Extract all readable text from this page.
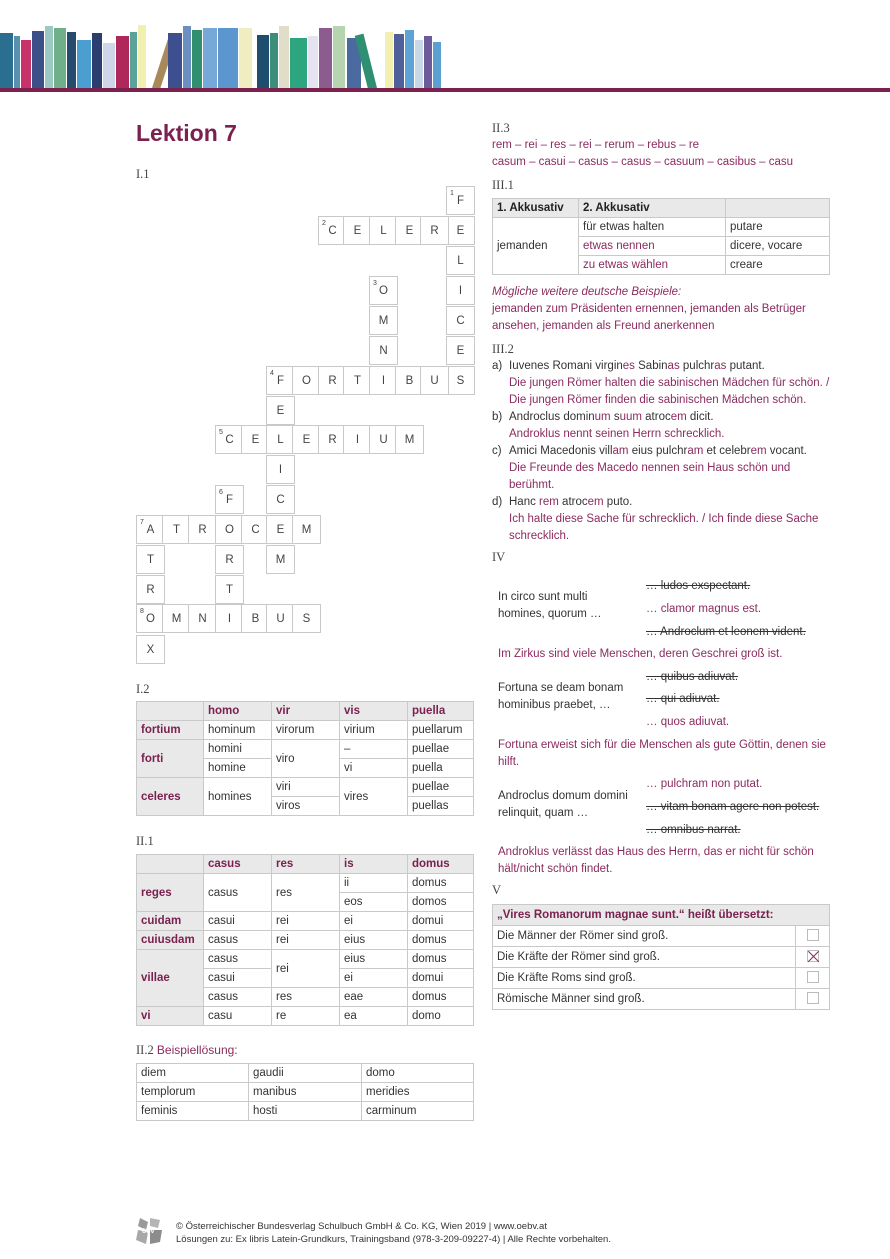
Lektion 7
I.1
1
F
E
L
I
C
E
S
2
C E L E R
3
O
M
N
4
F O R T I B U
E
5
C E L E R I U M
I
C
M
6
F
R
T
7
A T R O C E M
T
R
X
8
O M N I B U S
I.2
	homo	vir	vis	puella
fortium	hominum	virorum	virium	puellarum
forti	homini	viro	–	puellae
	homine		vi	puella
celeres	homines	viri	vires	puellae
		viros		puellas
II.1
	casus	res	is	domus
reges	casus	res	ii	domus
			eos	domos
cuidam	casui	rei	ei	domui
cuiusdam	casus	rei	eius	domus
villae	casus	rei	eius	domus
	casui		ei	domui
	casus	res	eae	domus
vi	casu	re	ea	domo
II.2 Beispiellösung:
diem	gaudii	domo
templorum	manibus	meridies
feminis	hosti	carminum
II.3
rem – rei – res – rei – rerum – rebus – re
casum – casui – casus – casus – casuum – casibus – casu
III.1
1. Akkusativ	2. Akkusativ	
jemanden	für etwas halten	putare
	etwas nennen	dicere, vocare
	zu etwas wählen	creare
Mögliche weitere deutsche Beispiele:
jemanden zum Präsidenten ernennen, jemanden als Betrüger
ansehen, jemanden als Freund anerkennen
III.2
a) Iuvenes Romani virgines Sabinas pulchras putant.
Die jungen Römer halten die sabinischen Mädchen für schön. /
Die jungen Römer finden die sabinischen Mädchen schön.
b) Androclus dominum suum atrocem dicit.
Androklus nennt seinen Herrn schrecklich.
c) Amici Macedonis villam eius pulchram et celebrem vocant.
Die Freunde des Macedo nennen sein Haus schön und
berühmt.
d) Hanc rem atrocem puto.
Ich halte diese Sache für schrecklich. / Ich finde diese Sache
schrecklich.
IV
In circo sunt multi
homines, quorum …
… ludos exspectant.
… clamor magnus est.
… Androclum et leonem vident.
Im Zirkus sind viele Menschen, deren Geschrei groß ist.
Fortuna se deam bonam
hominibus praebet, …
… quibus adiuvat.
… qui adiuvat.
… quos adiuvat.
Fortuna erweist sich für die Menschen als gute Göttin, denen sie
hilft.
Androclus domum domini
relinquit, quam …
… pulchram non putat.
… vitam bonam agere non potest.
… omnibus narrat.
Androklus verlässt das Haus des Herrn, das er nicht für schön
hält/nicht schön findet.
V
„Vires Romanorum magnae sunt.“ heißt übersetzt:	
Die Männer der Römer sind groß.	
Die Kräfte der Römer sind groß.	
Die Kräfte Roms sind groß.	
Römische Männer sind groß.	
öbv © Österreichischer Bundesverlag Schulbuch GmbH & Co. KG, Wien 2019 | www.oebv.at
Lösungen zu: Ex libris Latein-Grundkurs, Trainingsband (978-3-209-09227-4) | Alle Rechte vorbehalten.
